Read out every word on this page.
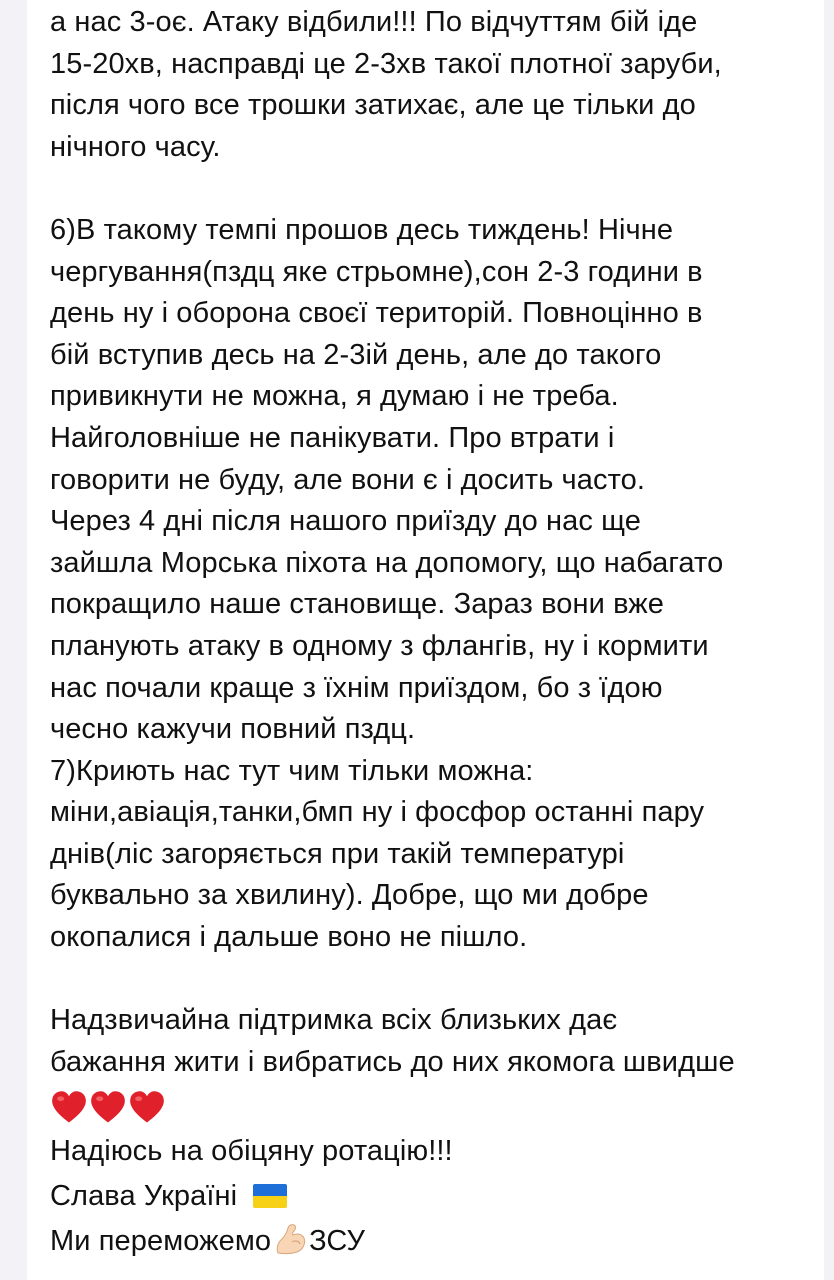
а нас 3-оє. Атаку відбили!!! По відчуттям бій іде
15-20хв, насправді це 2-3хв такої плотної заруби,
після чого все трошки затихає, але це тільки до
нічного часу.
6)В такому темпі прошов десь тиждень! Нічне
чергування(пздц яке стрьомне),сон 2-3 години в
день ну і оборона своєї територій. Повноцінно в
бій вступив десь на 2-3ій день, але до такого
привикнути не можна, я думаю і не треба.
Найголовніше не панікувати. Про втрати і
говорити не буду, але вони є і досить часто.
Через 4 дні після нашого приїзду до нас ще
зайшла Морська піхота на допомогу, що набагато
покращило наше становище. Зараз вони вже
планують атаку в одному з флангів, ну і кормити
нас почали краще з їхнім приїздом, бо з їдою
чесно кажучи повний пздц.
7)Криють нас тут чим тільки можна:
міни,авіація,танки,бмп ну і фосфор останні пару
днів(ліс загоряється при такій температурі
буквально за хвилину). Добре, що ми добре
окопалися і дальше воно не пішло.
Надзвичайна підтримка всіх близьких дає
бажання жити і вибратись до них якомога швидше
Надіюсь на обіцяну ротацію!!!
Слава Україні
Ми переможемо ЗСУ
